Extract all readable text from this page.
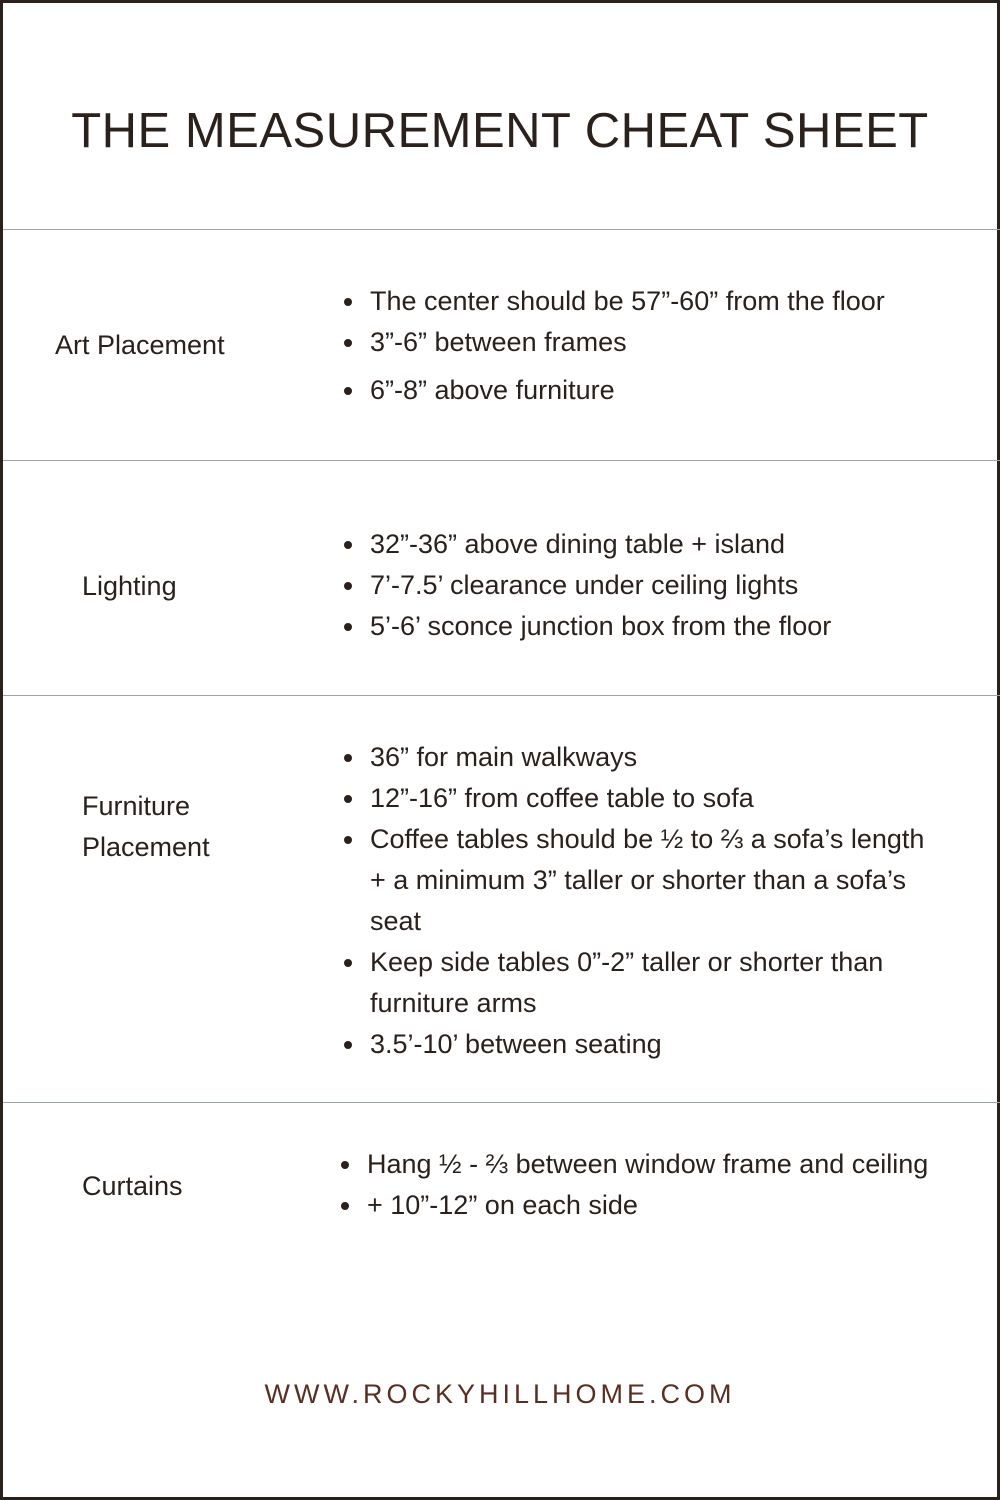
THE MEASUREMENT CHEAT SHEET
Art Placement
The center should be 57”-60” from the floor
3”-6” between frames
6”-8” above furniture
Lighting
32”-36” above dining table + island
7’-7.5’ clearance under ceiling lights
5’-6’ sconce junction box from the floor
Furniture
Placement
36” for main walkways
12”-16” from coffee table to sofa
Coffee tables should be ½ to ⅔ a sofa’s length + a minimum 3” taller or shorter than a sofa’s seat
Keep side tables 0”-2” taller or shorter than furniture arms
3.5’-10’ between seating
Curtains
Hang ½ - ⅔ between window frame and ceiling
+ 10”-12” on each side
WWW.ROCKYHILLHOME.COM
